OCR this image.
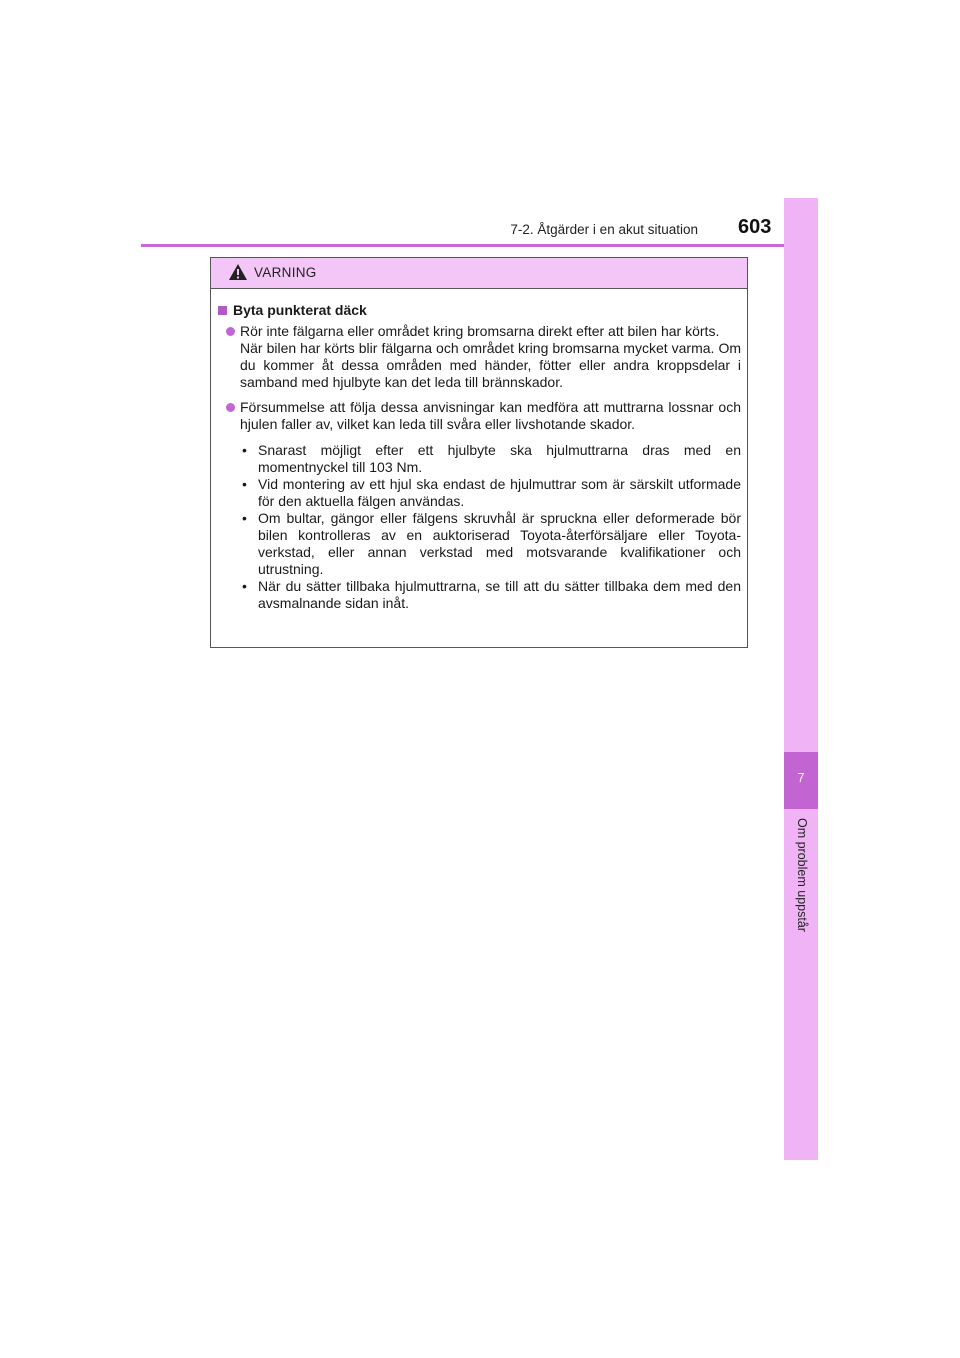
7-2. Åtgärder i en akut situation	603
7
Om problem uppstår
VARNING
Byta punkterat däck

Rör inte fälgarna eller området kring bromsarna direkt efter att bilen har körts.

När bilen har körts blir fälgarna och området kring bromsarna mycket varma. Om du kommer åt dessa områden med händer, fötter eller andra kroppsdelar i samband med hjulbyte kan det leda till brännskador.

Försummelse att följa dessa anvisningar kan medföra att muttrarna lossnar och hjulen faller av, vilket kan leda till svåra eller livshotande skador.

• Snarast möjligt efter ett hjulbyte ska hjulmuttrarna dras med en momentnyckel till 103 Nm.
• Vid montering av ett hjul ska endast de hjulmuttrar som är särskilt utformade för den aktuella fälgen användas.
• Om bultar, gängor eller fälgens skruvhål är spruckna eller deformerade bör bilen kontrolleras av en auktoriserad Toyota-återförsäljare eller Toyota-verkstad, eller annan verkstad med motsvarande kvalifikationer och utrustning.
• När du sätter tillbaka hjulmuttrarna, se till att du sätter tillbaka dem med den avsmalnande sidan inåt.
